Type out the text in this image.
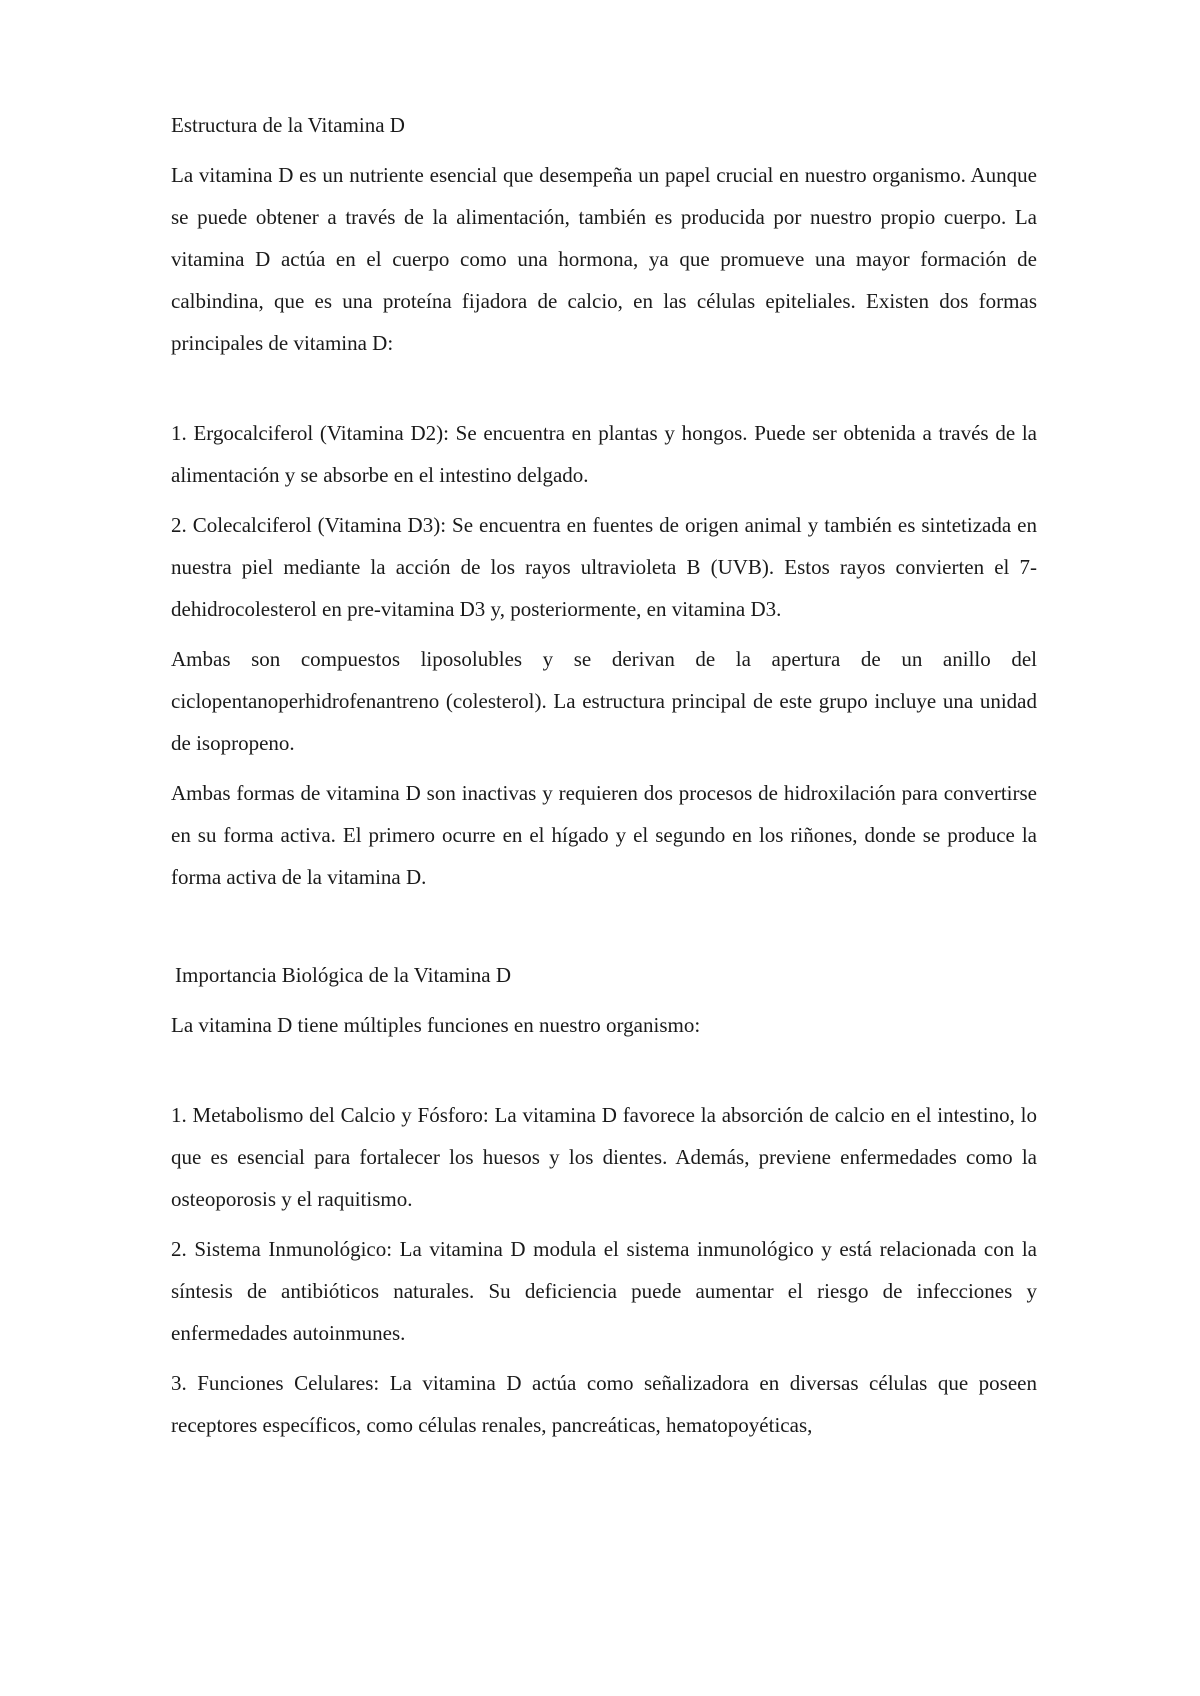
Estructura de la Vitamina D

La vitamina D es un nutriente esencial que desempeña un papel crucial en nuestro organismo. Aunque se puede obtener a través de la alimentación, también es producida por nuestro propio cuerpo. La vitamina D actúa en el cuerpo como una hormona, ya que promueve una mayor formación de calbindina, que es una proteína fijadora de calcio, en las células epiteliales. Existen dos formas principales de vitamina D:

1. Ergocalciferol (Vitamina D2): Se encuentra en plantas y hongos. Puede ser obtenida a través de la alimentación y se absorbe en el intestino delgado.

2. Colecalciferol (Vitamina D3): Se encuentra en fuentes de origen animal y también es sintetizada en nuestra piel mediante la acción de los rayos ultravioleta B (UVB). Estos rayos convierten el 7-dehidrocolesterol en pre-vitamina D3 y, posteriormente, en vitamina D3.

Ambas son compuestos liposolubles y se derivan de la apertura de un anillo del ciclopentanoperhidrofenantreno (colesterol). La estructura principal de este grupo incluye una unidad de isopropeno.

Ambas formas de vitamina D son inactivas y requieren dos procesos de hidroxilación para convertirse en su forma activa. El primero ocurre en el hígado y el segundo en los riñones, donde se produce la forma activa de la vitamina D.

Importancia Biológica de la Vitamina D

La vitamina D tiene múltiples funciones en nuestro organismo:

1. Metabolismo del Calcio y Fósforo: La vitamina D favorece la absorción de calcio en el intestino, lo que es esencial para fortalecer los huesos y los dientes. Además, previene enfermedades como la osteoporosis y el raquitismo.

2. Sistema Inmunológico: La vitamina D modula el sistema inmunológico y está relacionada con la síntesis de antibióticos naturales. Su deficiencia puede aumentar el riesgo de infecciones y enfermedades autoinmunes.

3. Funciones Celulares: La vitamina D actúa como señalizadora en diversas células que poseen receptores específicos, como células renales, pancreáticas, hematopoyéticas,
